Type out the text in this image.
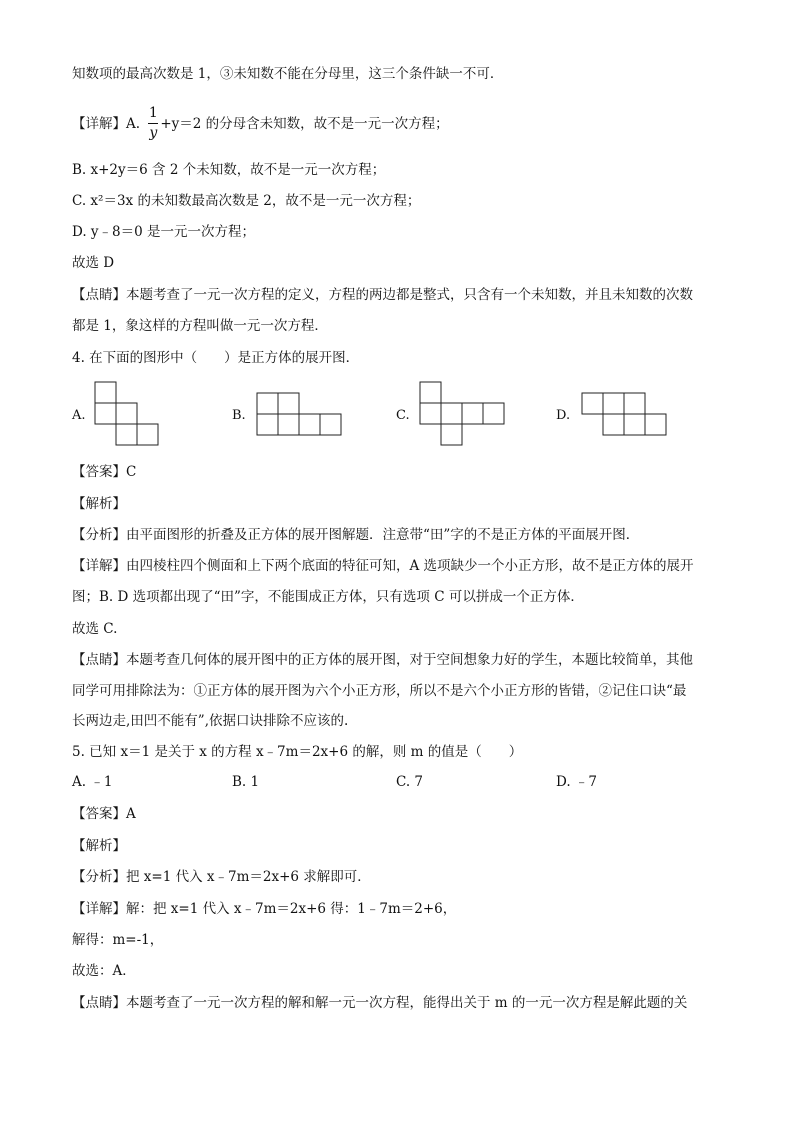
知数项的最高次数是 1，③未知数不能在分母里，这三个条件缺一不可．
【详解】A. $\frac{1}{y} +y=2$ 的分母含未知数，故不是一元一次方程；
B. x+2y＝6 含 2 个未知数，故不是一元一次方程；
C. x²＝3x 的未知数最高次数是 2，故不是一元一次方程；
D. y﹣8＝0 是一元一次方程；
故选 D
【点睛】本题考查了一元一次方程的定义，方程的两边都是整式，只含有一个未知数，并且未知数的次数
都是 1，象这样的方程叫做一元一次方程．
4. 在下面的图形中（　　）是正方体的展开图．
A.	B.	C.	D.
【答案】C
【解析】
【分析】由平面图形的折叠及正方体的展开图解题．注意带“田”字的不是正方体的平面展开图．
【详解】由四棱柱四个侧面和上下两个底面的特征可知，A 选项缺少一个小正方形，故不是正方体的展开
图；B. D 选项都出现了“田”字，不能围成正方体，只有选项 C 可以拼成一个正方体．
故选 C.
【点睛】本题考查几何体的展开图中的正方体的展开图，对于空间想象力好的学生，本题比较简单，其他
同学可用排除法为：①正方体的展开图为六个小正方形，所以不是六个小正方形的皆错，②记住口诀“最
长两边走,田凹不能有”,依据口诀排除不应该的.
5. 已知 x＝1 是关于 x 的方程 x﹣7m＝2x+6 的解，则 m 的值是（　　）
A. ﹣1	B. 1	C. 7	D. ﹣7
【答案】A
【解析】
【分析】把 x=1 代入 x﹣7m＝2x+6 求解即可．
【详解】解：把 x=1 代入 x﹣7m＝2x+6 得：1﹣7m＝2+6，
解得：m=-1，
故选：A．
【点睛】本题考查了一元一次方程的解和解一元一次方程，能得出关于 m 的一元一次方程是解此题的关
